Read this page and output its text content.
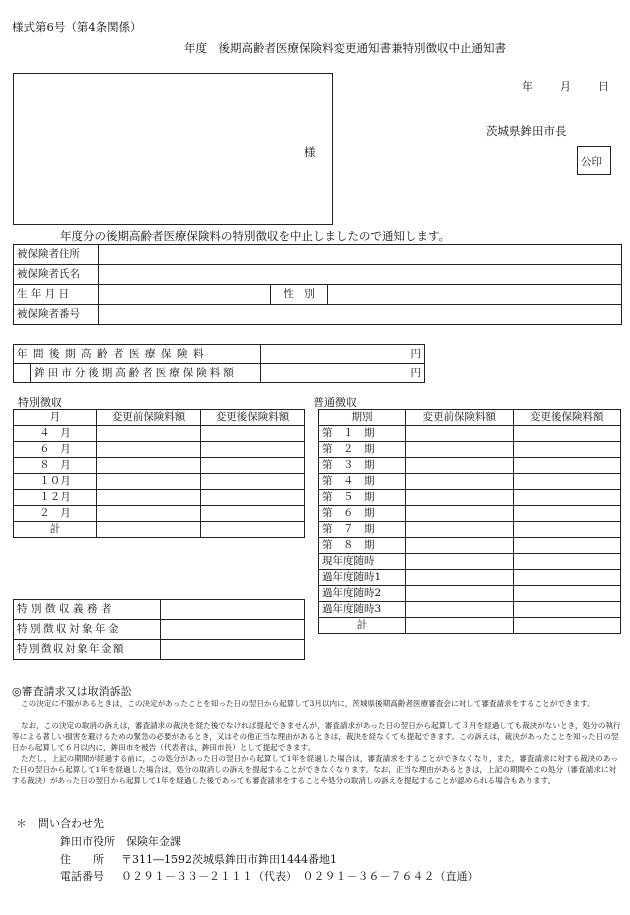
様式第6号（第4条関係）
年度　後期高齢者医療保険料変更通知書兼特別徴収中止通知書
年 月 日
様
茨城県鉾田市長
公印
年度分の後期高齢者医療保険料の特別徴収を中止しましたので通知します。
被保険者住所			
被保険者氏名			
生 年 月 日		性　別	
被保険者番号			
年間後期高齢者医療保険料		円
	鉾田市分後期高齢者医療保険料額	円
特別徴収
月	変更前保険料額	変更後保険料額
４　月		
６　月		
８　月		
１０月		
１２月		
２　月		
計		
普通徴収
期別	変更前保険料額	変更後保険料額
第　１　期		
第　２　期		
第　３　期		
第　４　期		
第　５　期		
第　６　期		
第　７　期		
第　８　期		
現年度随時		
過年度随時1		
過年度随時2		
過年度随時3		
計		
特別徴収義務者	
特別徴収対象年金	
特別徴収対象年金額	
◎審査請求又は取消訴訟
この決定に不服があるときは，この決定があったことを知った日の翌日から起算して3月以内に，茨城県後期高齢者医療審査会に対して審査請求をすることができます。
なお，この決定の取消の訴えは，審査請求の裁決を経た後でなければ提起できませんが，審査請求があった日の翌日から起算して３月を経過しても裁決がないとき，処分の執行等による著しい損害を避けるための緊急の必要があるとき，又はその他正当な理由があるときは，裁決を経なくても提起できます。この訴えは，裁決があったことを知った日の翌日から起算して６月以内に，鉾田市を被告（代表者は，鉾田市長）として提起できます。
ただし，上記の期間が経過する前に，この処分があった日の翌日から起算して1年を経過した場合は，審査請求をすることができなくなり，また，審査請求に対する裁決のあった日の翌日から起算して1年を経過した場合は，処分の取消しの訴えを提起することができなくなります。なお，正当な理由があるときは，上記の期間やこの処分（審査請求に対する裁決）があった日の翌日から起算して1年を経過した後であっても審査請求をすることや処分の取消しの訴えを提起することが認められる場合もあります。
＊　問い合わせ先
鉾田市役所　保険年金課
住　　所 〒311―1592茨城県鉾田市鉾田1444番地1
電話番号 ０２９１－３３－２１１１（代表）　０２９１－３６－７６４２（直通）
